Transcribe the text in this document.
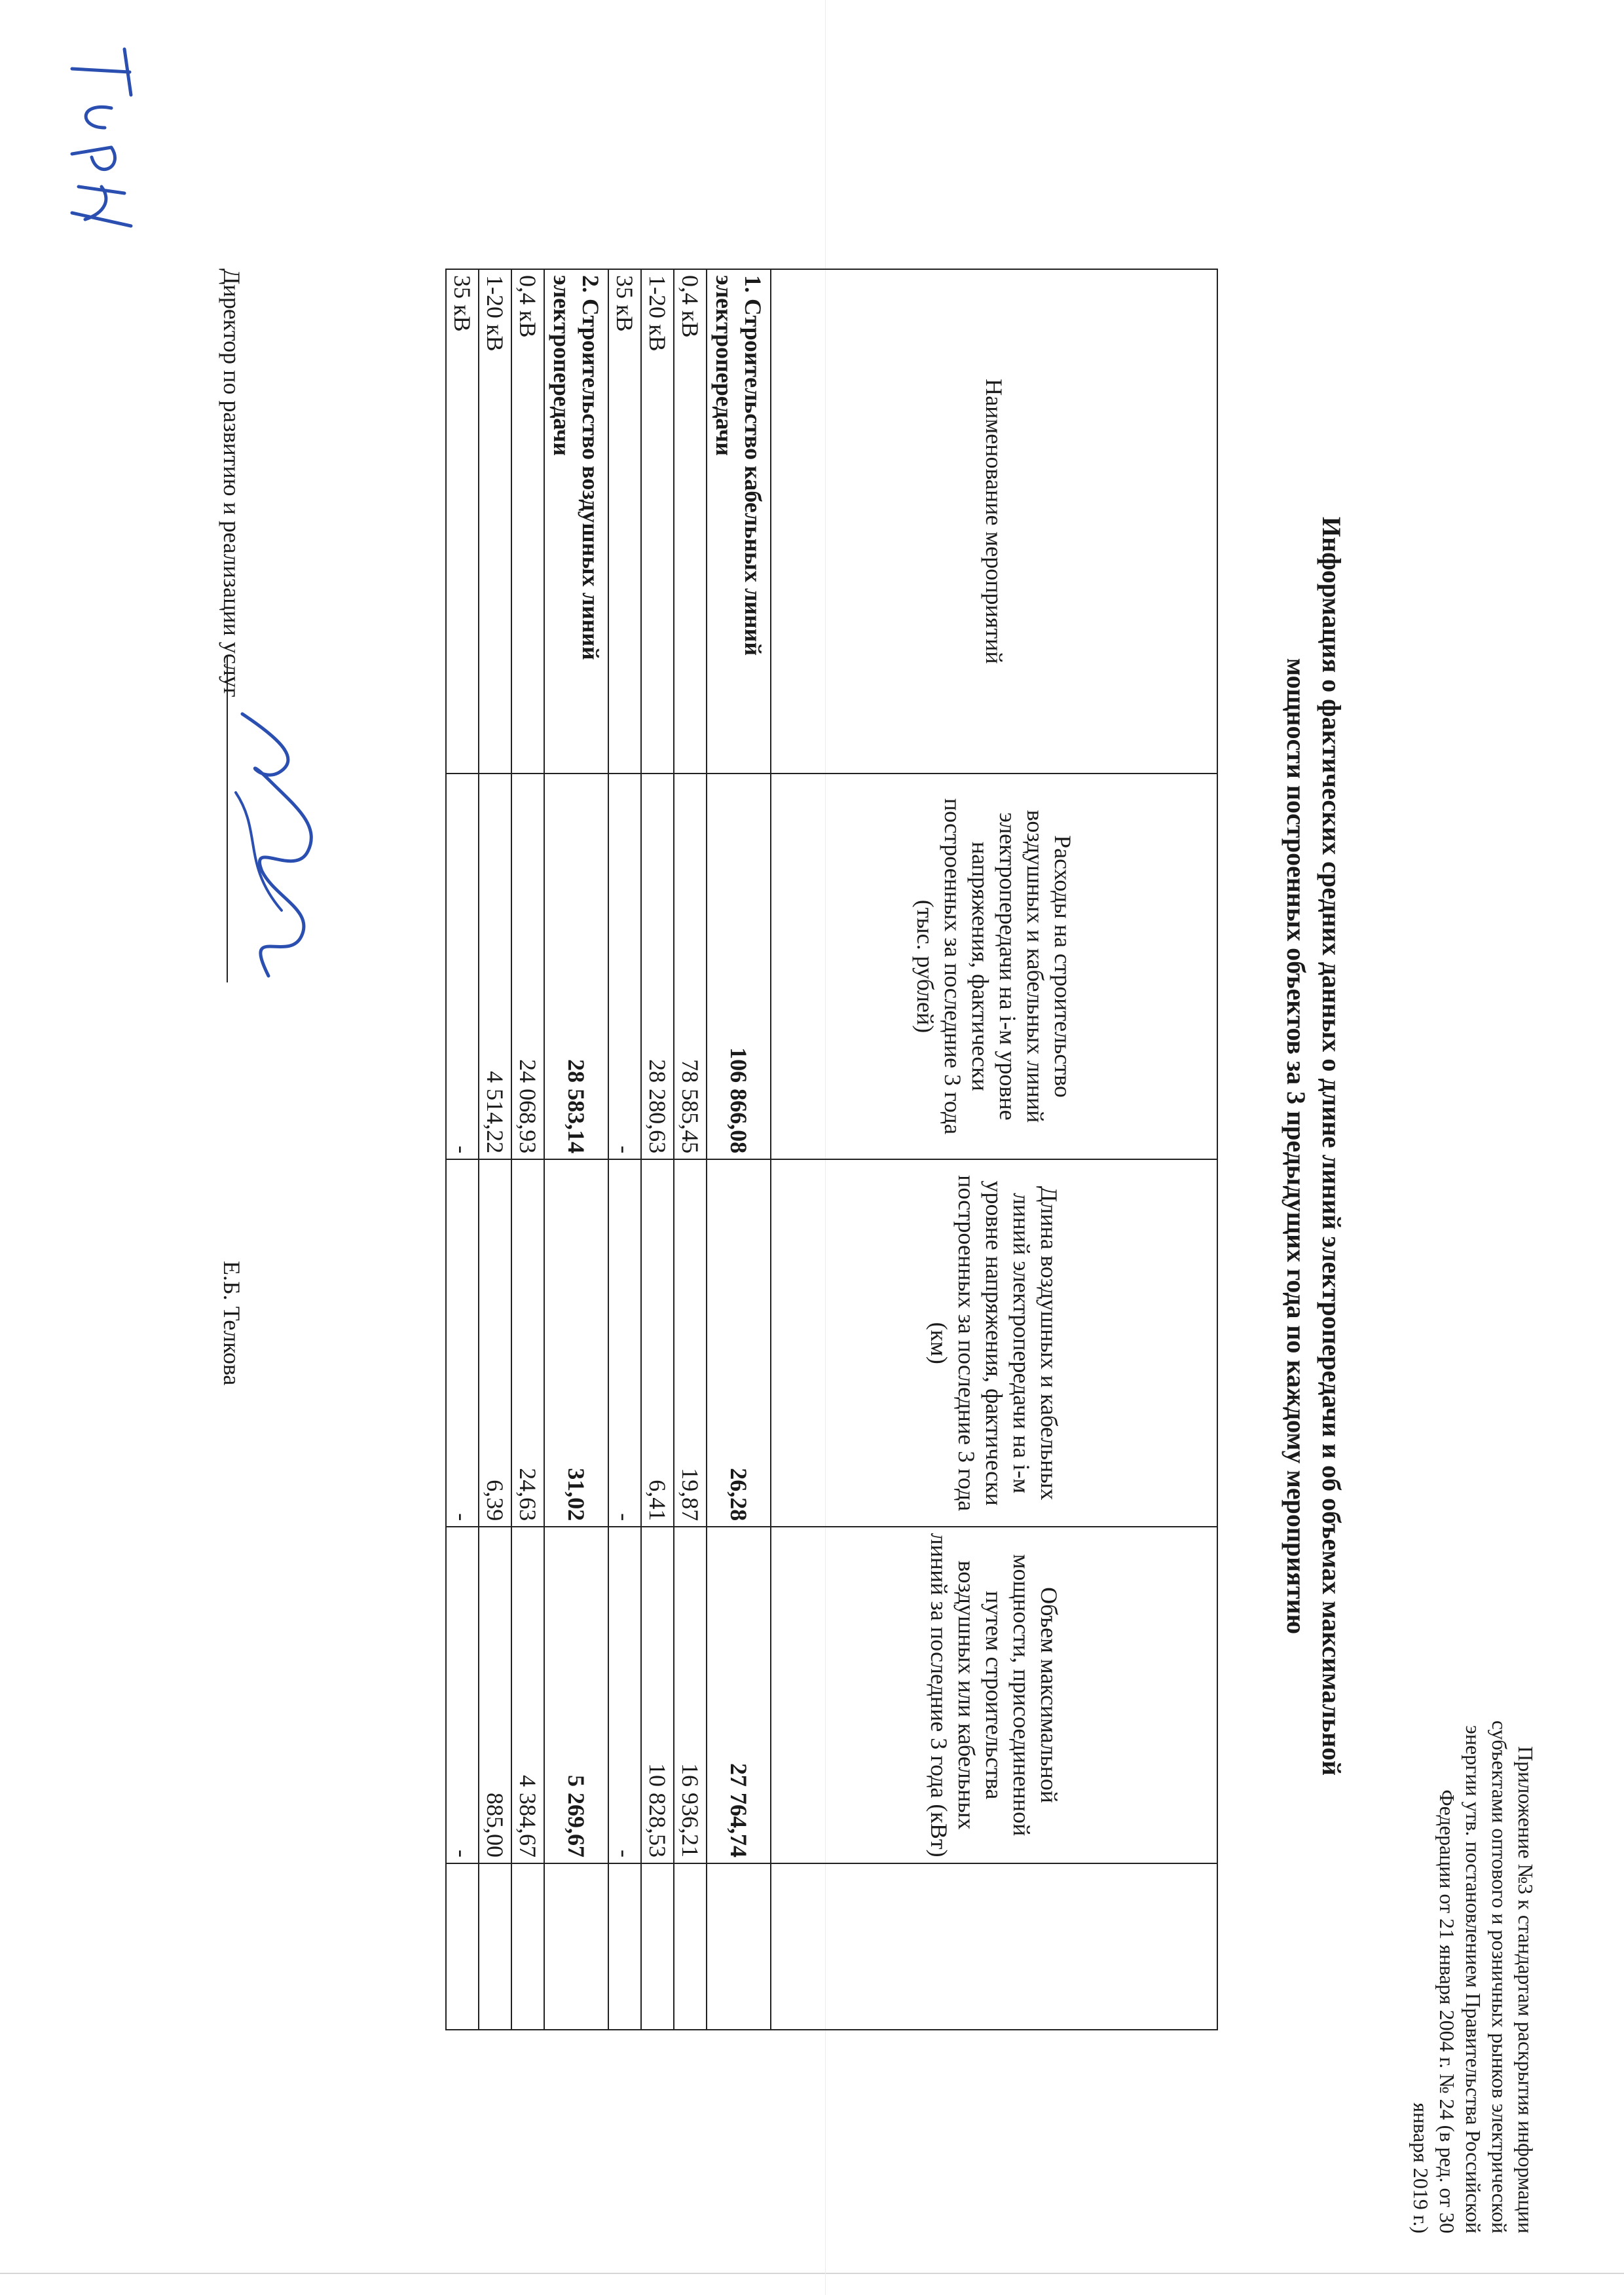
Приложение №3 к стандартам раскрытия информации
субъектами оптового и розничных рынков электрической
энергии утв. постановлением Правительства Российской
Федерации от 21 января 2004 г. № 24 (в ред. от 30
января 2019 г.)
Информация о фактических средних данных о длине линий электропередачи и об объемах максимальной
мощности построенных объектов за 3 предыдущих года по каждому мероприятию
Наименование мероприятий	Расходы на строительство воздушных и кабельных линий электропередачи на i-м уровне напряжения, фактически построенных за последние 3 года (тыс. рублей)	Длина воздушных и кабельных линий электропередачи на i-м уровне напряжения, фактически построенных за последние 3 года (км)	Объем максимальной мощности, присоединенной путем строительства воздушных или кабельных линий за последние 3 года (кВт)	
1. Строительство кабельных линий электропередачи	106 866,08	26,28	27 764,74	
0,4 кВ	78 585,45	19,87	16 936,21	
1-20 кВ	28 280,63	6,41	10 828,53	
35 кВ	-	-	-	
2. Строительство воздушных линий электропередачи	28 583,14	31,02	5 269,67	
0,4 кВ	24 068,93	24,63	4 384,67	
1-20 кВ	4 514,22	6,39	885,00	
35 кВ	-	-	-	
Директор по развитию и реализации услуг
Е.Б. Телкова
